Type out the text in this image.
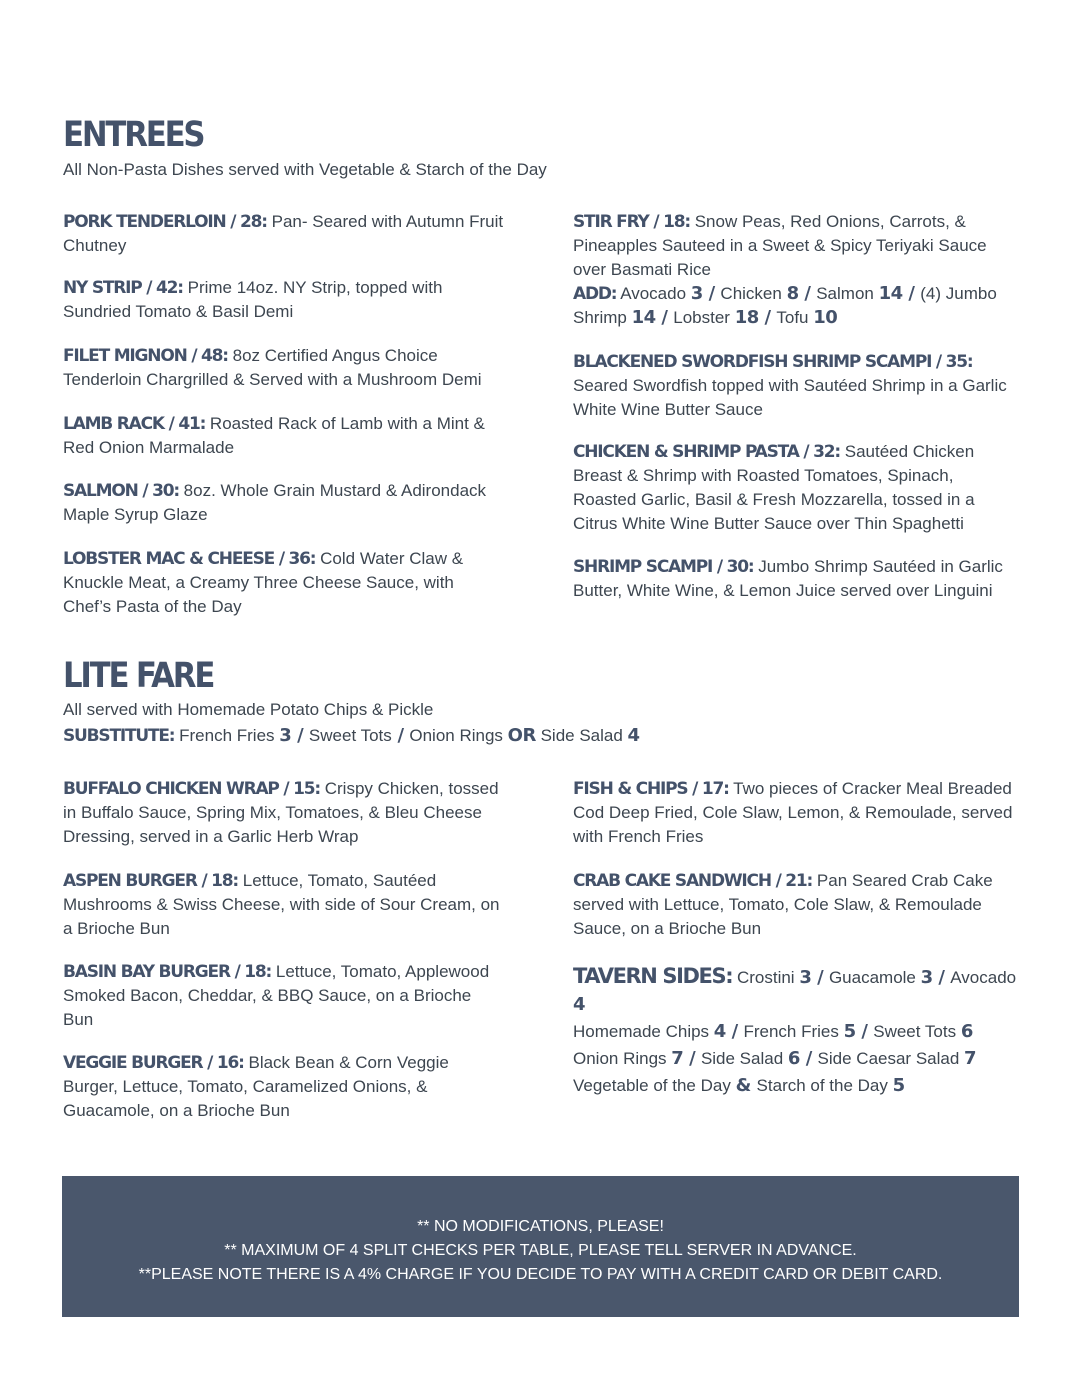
ENTREES
All Non-Pasta Dishes served with Vegetable & Starch of the Day
PORK TENDERLOIN / 28: Pan- Seared with Autumn Fruit Chutney
NY STRIP / 42: Prime 14oz. NY Strip, topped with Sundried Tomato & Basil Demi
FILET MIGNON / 48: 8oz Certified Angus Choice Tenderloin Chargrilled & Served with a Mushroom Demi
LAMB RACK / 41: Roasted Rack of Lamb with a Mint & Red Onion Marmalade
SALMON / 30: 8oz. Whole Grain Mustard & Adirondack Maple Syrup Glaze
LOBSTER MAC & CHEESE / 36: Cold Water Claw & Knuckle Meat, a Creamy Three Cheese Sauce, with Chef’s Pasta of the Day
STIR FRY / 18: Snow Peas, Red Onions, Carrots, & Pineapples Sauteed in a Sweet & Spicy Teriyaki Sauce over Basmati Rice
ADD: Avocado 3 / Chicken 8 / Salmon 14 / (4) Jumbo Shrimp 14 / Lobster 18 / Tofu 10
BLACKENED SWORDFISH SHRIMP SCAMPI / 35: Seared Swordfish topped with Sautéed Shrimp in a Garlic White Wine Butter Sauce
CHICKEN & SHRIMP PASTA / 32: Sautéed Chicken Breast & Shrimp with Roasted Tomatoes, Spinach, Roasted Garlic, Basil & Fresh Mozzarella, tossed in a Citrus White Wine Butter Sauce over Thin Spaghetti
SHRIMP SCAMPI / 30: Jumbo Shrimp Sautéed in Garlic Butter, White Wine, & Lemon Juice served over Linguini
LITE FARE
All served with Homemade Potato Chips & Pickle
SUBSTITUTE: French Fries 3 / Sweet Tots / Onion Rings OR Side Salad 4
BUFFALO CHICKEN WRAP / 15: Crispy Chicken, tossed in Buffalo Sauce, Spring Mix, Tomatoes, & Bleu Cheese Dressing, served in a Garlic Herb Wrap
ASPEN BURGER / 18: Lettuce, Tomato, Sautéed Mushrooms & Swiss Cheese, with side of Sour Cream, on a Brioche Bun
BASIN BAY BURGER / 18: Lettuce, Tomato, Applewood Smoked Bacon, Cheddar, & BBQ Sauce, on a Brioche Bun
VEGGIE BURGER / 16: Black Bean & Corn Veggie Burger, Lettuce, Tomato, Caramelized Onions, & Guacamole, on a Brioche Bun
FISH & CHIPS / 17: Two pieces of Cracker Meal Breaded Cod Deep Fried, Cole Slaw, Lemon, & Remoulade, served with French Fries
CRAB CAKE SANDWICH / 21: Pan Seared Crab Cake served with Lettuce, Tomato, Cole Slaw, & Remoulade Sauce, on a Brioche Bun
TAVERN SIDES: Crostini 3 / Guacamole 3 / Avocado 4
Homemade Chips 4 / French Fries 5 / Sweet Tots 6
Onion Rings 7 / Side Salad 6 / Side Caesar Salad 7
Vegetable of the Day & Starch of the Day 5
** NO MODIFICATIONS, PLEASE!
** MAXIMUM OF 4 SPLIT CHECKS PER TABLE, PLEASE TELL SERVER IN ADVANCE.
**PLEASE NOTE THERE IS A 4% CHARGE IF YOU DECIDE TO PAY WITH A CREDIT CARD OR DEBIT CARD.
